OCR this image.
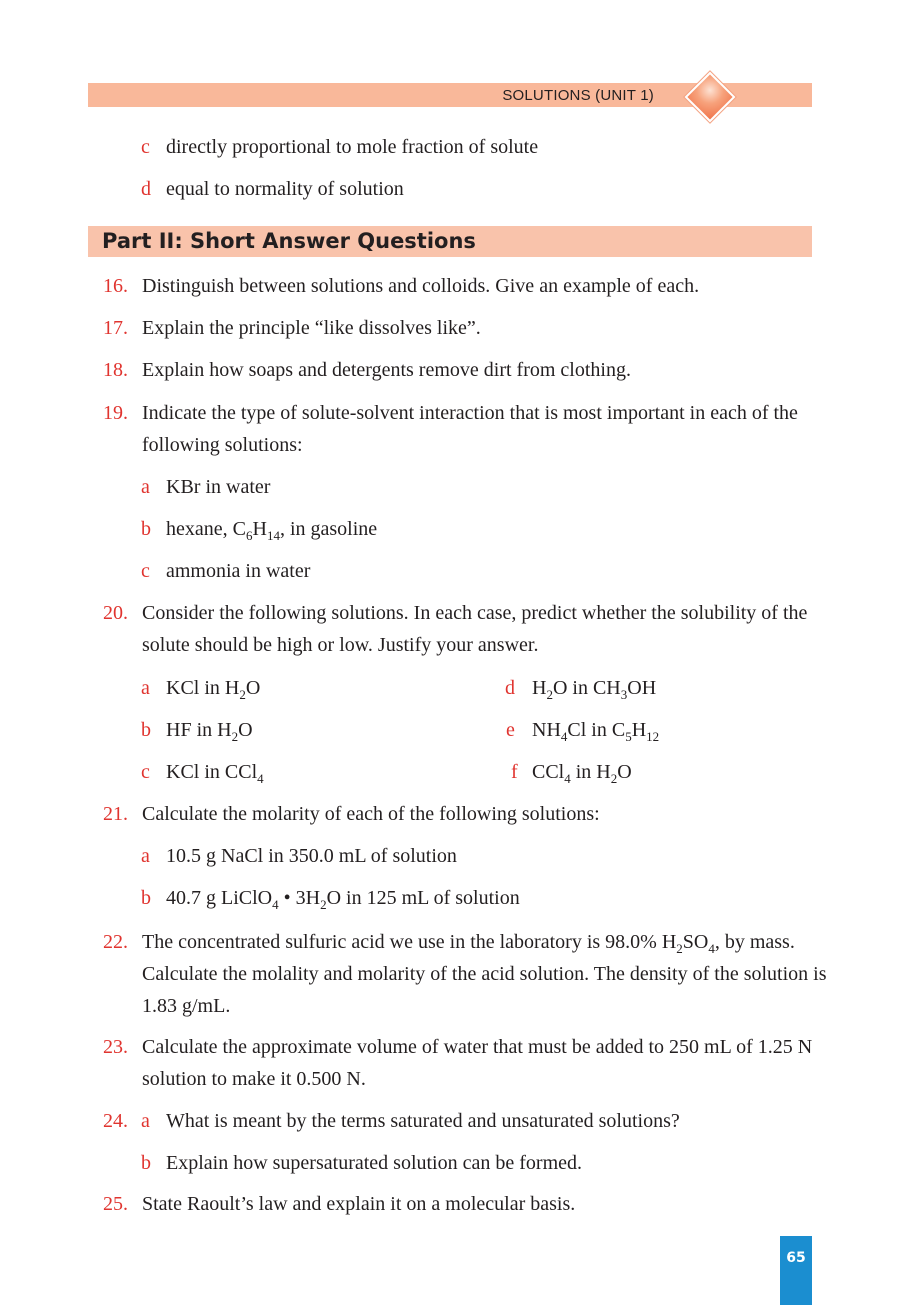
SOLUTIONS (UNIT 1)
c directly proportional to mole fraction of solute
d equal to normality of solution
Part II: Short Answer Questions
16. Distinguish between solutions and colloids. Give an example of each.
17. Explain the principle “like dissolves like”.
18. Explain how soaps and detergents remove dirt from clothing.
19. Indicate the type of solute-solvent interaction that is most important in each of the
following solutions:
a KBr in water
b hexane, $C_6H_{14}$, in gasoline
c ammonia in water
20. Consider the following solutions. In each case, predict whether the solubility of the
solute should be high or low. Justify your answer.
a KCl in $H_2O$
b HF in $H_2O$
c KCl in CCl$_4$
d $H_2O$ in $CH_3OH$
e $NH_4Cl$ in $C_5H_{12}$
f CCl$_4$ in $H_2O$
21. Calculate the molarity of each of the following solutions:
a 10.5 g NaCl in 350.0 mL of solution
b 40.7 g LiClO$_4$ • $3H_2O$ in 125 mL of solution
22. The concentrated sulfuric acid we use in the laboratory is 98.0% $H_2SO_4$, by mass.
Calculate the molality and molarity of the acid solution. The density of the solution is
1.83 g/mL.
23. Calculate the approximate volume of water that must be added to 250 mL of 1.25 N
solution to make it 0.500 N.
24. a What is meant by the terms saturated and unsaturated solutions?
b Explain how supersaturated solution can be formed.
25. State Raoult’s law and explain it on a molecular basis.
65
